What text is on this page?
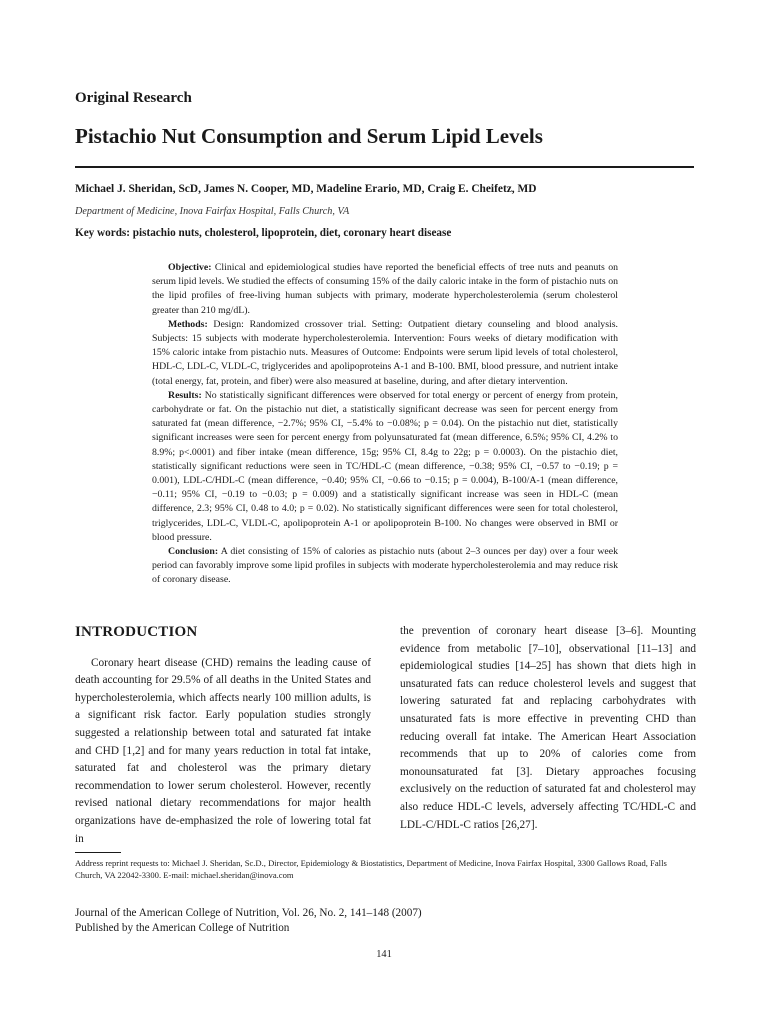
Original Research
Pistachio Nut Consumption and Serum Lipid Levels
Michael J. Sheridan, ScD, James N. Cooper, MD, Madeline Erario, MD, Craig E. Cheifetz, MD
Department of Medicine, Inova Fairfax Hospital, Falls Church, VA
Key words: pistachio nuts, cholesterol, lipoprotein, diet, coronary heart disease

Objective: Clinical and epidemiological studies have reported the beneficial effects of tree nuts and peanuts on serum lipid levels. We studied the effects of consuming 15% of the daily caloric intake in the form of pistachio nuts on the lipid profiles of free-living human subjects with primary, moderate hypercholesterolemia (serum cholesterol greater than 210 mg/dL).

Methods: Design: Randomized crossover trial. Setting: Outpatient dietary counseling and blood analysis. Subjects: 15 subjects with moderate hypercholesterolemia. Intervention: Fours weeks of dietary modification with 15% caloric intake from pistachio nuts. Measures of Outcome: Endpoints were serum lipid levels of total cholesterol, HDL-C, LDL-C, VLDL-C, triglycerides and apolipoproteins A-1 and B-100. BMI, blood pressure, and nutrient intake (total energy, fat, protein, and fiber) were also measured at baseline, during, and after dietary intervention.

Results: No statistically significant differences were observed for total energy or percent of energy from protein, carbohydrate or fat. On the pistachio nut diet, a statistically significant decrease was seen for percent energy from saturated fat (mean difference, −2.7%; 95% CI, −5.4% to −0.08%; p = 0.04). On the pistachio nut diet, statistically significant increases were seen for percent energy from polyunsaturated fat (mean difference, 6.5%; 95% CI, 4.2% to 8.9%; p<.0001) and fiber intake (mean difference, 15g; 95% CI, 8.4g to 22g; p = 0.0003). On the pistachio diet, statistically significant reductions were seen in TC/HDL-C (mean difference, −0.38; 95% CI, −0.57 to −0.19; p = 0.001), LDL-C/HDL-C (mean difference, −0.40; 95% CI, −0.66 to −0.15; p = 0.004), B-100/A-1 (mean difference, −0.11; 95% CI, −0.19 to −0.03; p = 0.009) and a statistically significant increase was seen in HDL-C (mean difference, 2.3; 95% CI, 0.48 to 4.0; p = 0.02). No statistically significant differences were seen for total cholesterol, triglycerides, LDL-C, VLDL-C, apolipoprotein A-1 or apolipoprotein B-100. No changes were observed in BMI or blood pressure.

Conclusion: A diet consisting of 15% of calories as pistachio nuts (about 2–3 ounces per day) over a four week period can favorably improve some lipid profiles in subjects with moderate hypercholesterolemia and may reduce risk of coronary disease.

INTRODUCTION

Coronary heart disease (CHD) remains the leading cause of death accounting for 29.5% of all deaths in the United States and hypercholesterolemia, which affects nearly 100 million adults, is a significant risk factor. Early population studies strongly suggested a relationship between total and saturated fat intake and CHD [1,2] and for many years reduction in total fat intake, saturated fat and cholesterol was the primary dietary recommendation to lower serum cholesterol. However, recently revised national dietary recommendations for major health organizations have de-emphasized the role of lowering total fat in

the prevention of coronary heart disease [3–6]. Mounting evidence from metabolic [7–10], observational [11–13] and epidemiological studies [14–25] has shown that diets high in unsaturated fats can reduce cholesterol levels and suggest that lowering saturated fat and replacing carbohydrates with unsaturated fats is more effective in preventing CHD than reducing overall fat intake. The American Heart Association recommends that up to 20% of calories come from monounsaturated fat [3]. Dietary approaches focusing exclusively on the reduction of saturated fat and cholesterol may also reduce HDL-C levels, adversely affecting TC/HDL-C and LDL-C/HDL-C ratios [26,27].

Address reprint requests to: Michael J. Sheridan, Sc.D., Director, Epidemiology & Biostatistics, Department of Medicine, Inova Fairfax Hospital, 3300 Gallows Road, Falls Church, VA 22042-3300. E-mail: michael.sheridan@inova.com
Journal of the American College of Nutrition, Vol. 26, No. 2, 141–148 (2007)
Published by the American College of Nutrition
141
